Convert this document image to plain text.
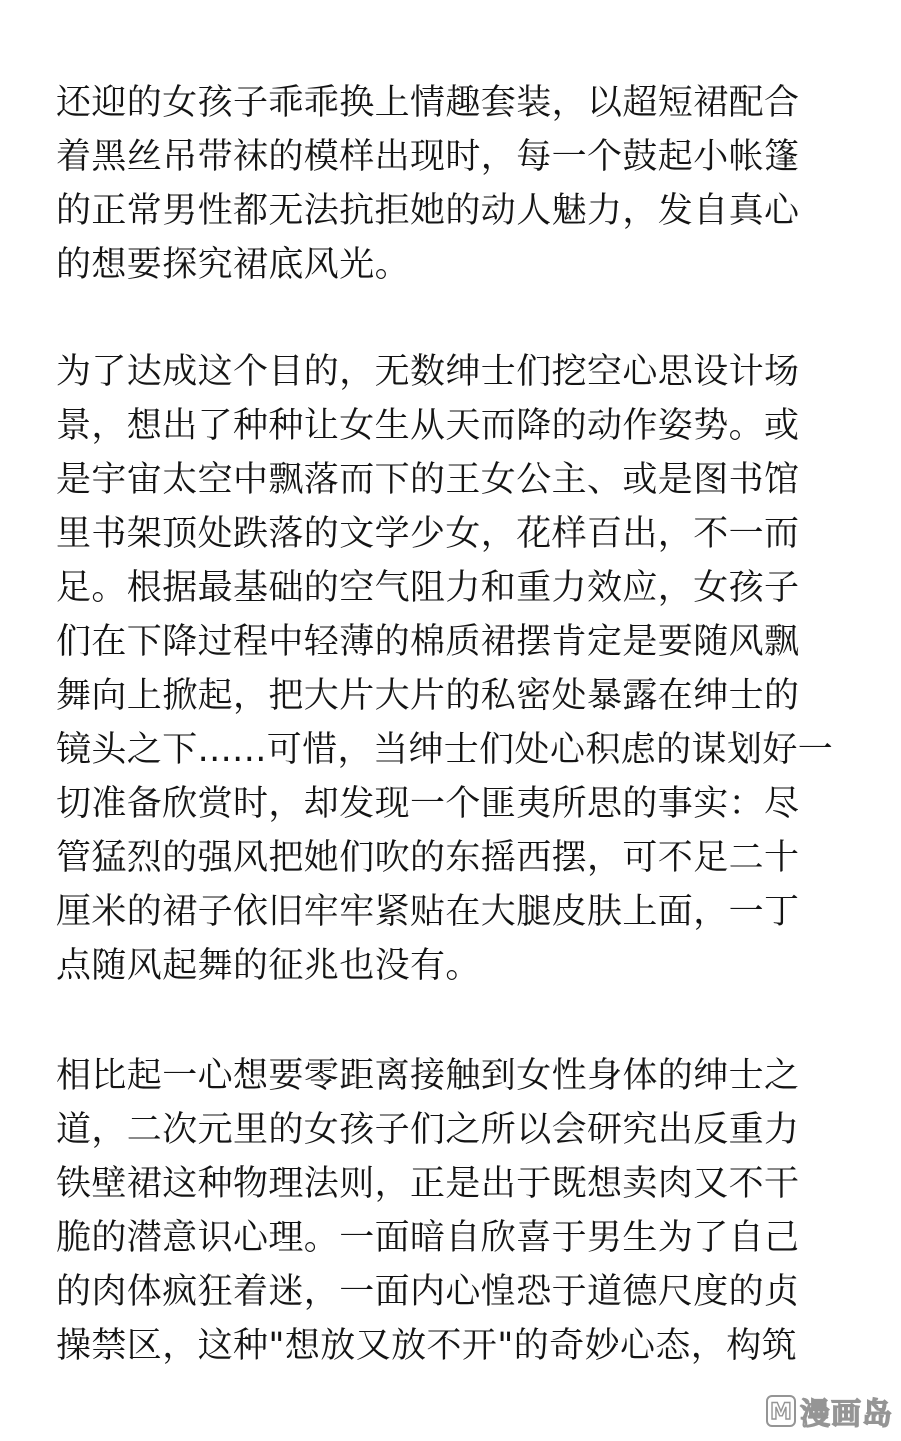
还迎的女孩子乖乖换上情趣套装，以超短裙配合
着黑丝吊带袜的模样出现时，每一个鼓起小帐篷
的正常男性都无法抗拒她的动人魅力，发自真心
的想要探究裙底风光。
为了达成这个目的，无数绅士们挖空心思设计场
景，想出了种种让女生从天而降的动作姿势。或
是宇宙太空中飘落而下的王女公主、或是图书馆
里书架顶处跌落的文学少女，花样百出，不一而
足。根据最基础的空气阻力和重力效应，女孩子
们在下降过程中轻薄的棉质裙摆肯定是要随风飘
舞向上掀起，把大片大片的私密处暴露在绅士的
镜头之下......可惜，当绅士们处心积虑的谋划好一
切准备欣赏时，却发现一个匪夷所思的事实：尽
管猛烈的强风把她们吹的东摇西摆，可不足二十
厘米的裙子依旧牢牢紧贴在大腿皮肤上面，一丁
点随风起舞的征兆也没有。
相比起一心想要零距离接触到女性身体的绅士之
道，二次元里的女孩子们之所以会研究出反重力
铁壁裙这种物理法则，正是出于既想卖肉又不干
脆的潜意识心理。一面暗自欣喜于男生为了自己
的肉体疯狂着迷，一面内心惶恐于道德尺度的贞
操禁区，这种"想放又放不开"的奇妙心态，构筑
M 漫画岛
